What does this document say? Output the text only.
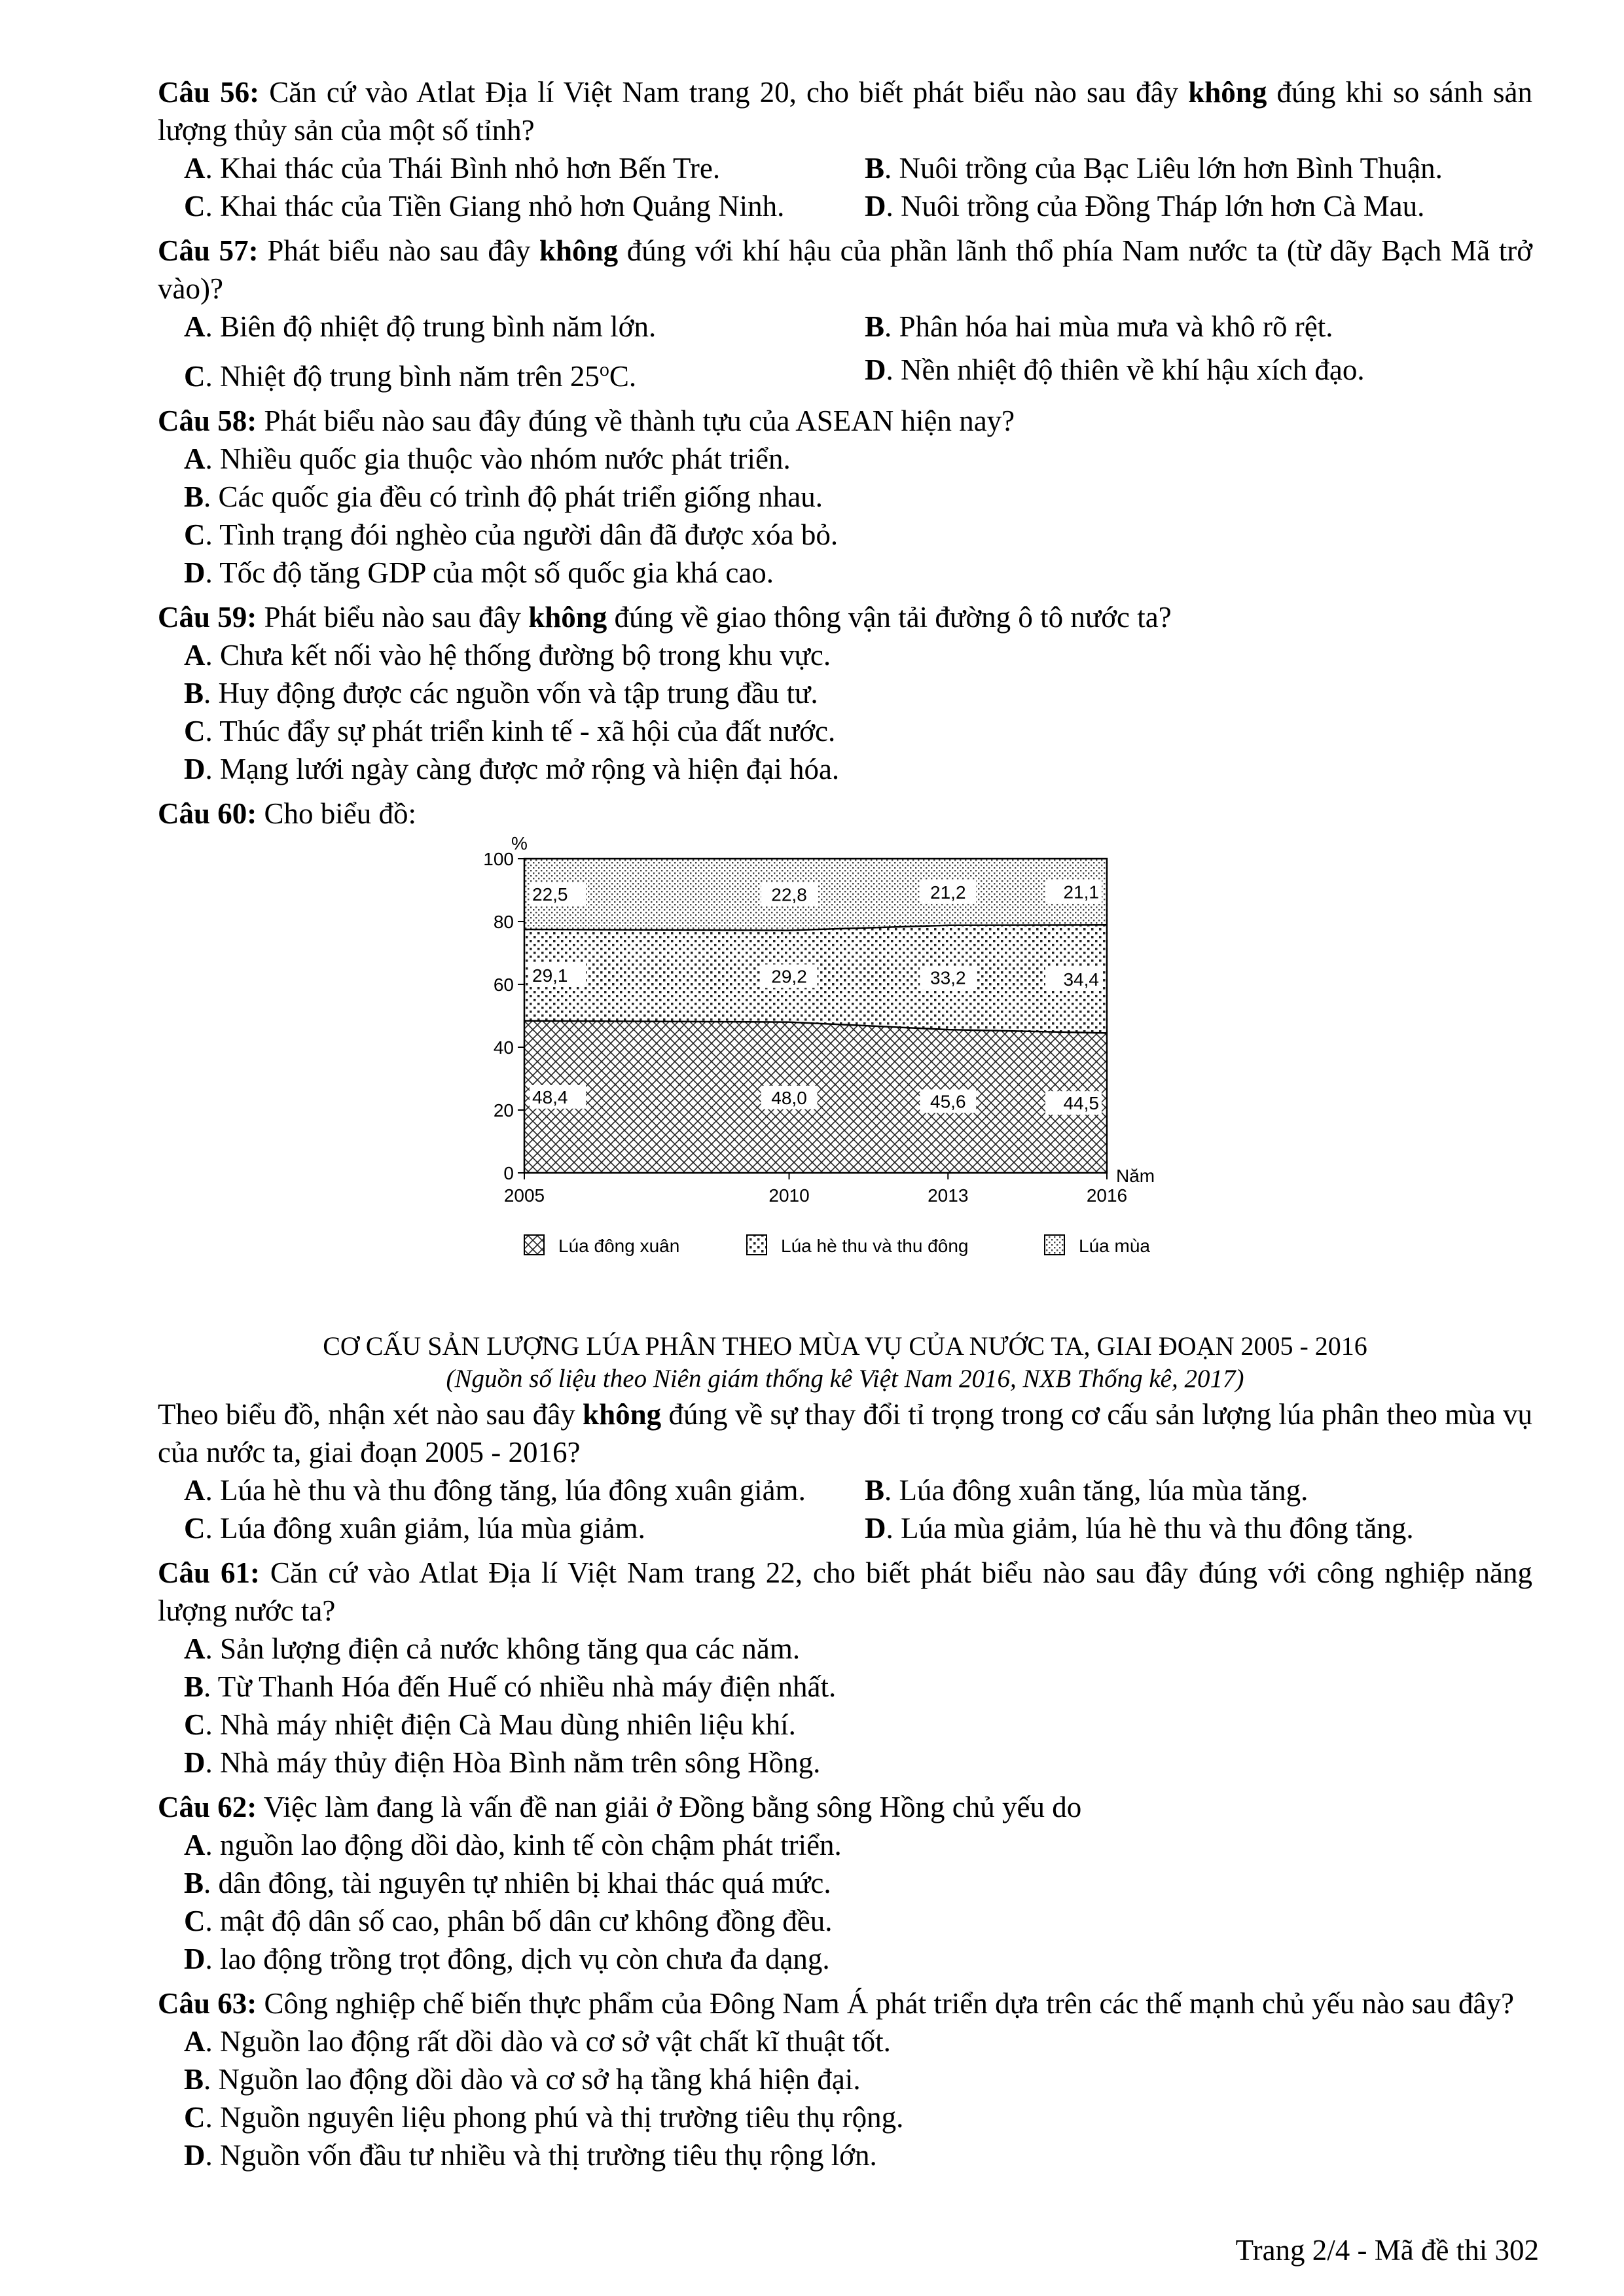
Câu 56: Căn cứ vào Atlat Địa lí Việt Nam trang 20, cho biết phát biểu nào sau đây không đúng khi so sánh sản lượng thủy sản của một số tỉnh?
A. Khai thác của Thái Bình nhỏ hơn Bến Tre.	B. Nuôi trồng của Bạc Liêu lớn hơn Bình Thuận.
C. Khai thác của Tiền Giang nhỏ hơn Quảng Ninh.	D. Nuôi trồng của Đồng Tháp lớn hơn Cà Mau.
Câu 57: Phát biểu nào sau đây không đúng với khí hậu của phần lãnh thổ phía Nam nước ta (từ dãy Bạch Mã trở vào)?
A. Biên độ nhiệt độ trung bình năm lớn.	B. Phân hóa hai mùa mưa và khô rõ rệt.
C. Nhiệt độ trung bình năm trên 25$^o$C.	D. Nền nhiệt độ thiên về khí hậu xích đạo.
Câu 58: Phát biểu nào sau đây đúng về thành tựu của ASEAN hiện nay?
A. Nhiều quốc gia thuộc vào nhóm nước phát triển.
B. Các quốc gia đều có trình độ phát triển giống nhau.
C. Tình trạng đói nghèo của người dân đã được xóa bỏ.
D. Tốc độ tăng GDP của một số quốc gia khá cao.
Câu 59: Phát biểu nào sau đây không đúng về giao thông vận tải đường ô tô nước ta?
A. Chưa kết nối vào hệ thống đường bộ trong khu vực.
B. Huy động được các nguồn vốn và tập trung đầu tư.
C. Thúc đẩy sự phát triển kinh tế - xã hội của đất nước.
D. Mạng lưới ngày càng được mở rộng và hiện đại hóa.
Câu 60: Cho biểu đồ:
48,4	48,0	45,6	44,5
29,1	29,2	33,2	34,4
22,5	22,8	21,2	21,1
0
20
40
60
80
100
2005	2010	2013	2016
%
Năm
Lúa đông xuân	Lúa hè thu và thu đông	Lúa mùa
CƠ CẤU SẢN LƯỢNG LÚA PHÂN THEO MÙA VỤ CỦA NƯỚC TA, GIAI ĐOẠN 2005 - 2016
(Nguồn số liệu theo Niên giám thống kê Việt Nam 2016, NXB Thống kê, 2017)
Theo biểu đồ, nhận xét nào sau đây không đúng về sự thay đổi tỉ trọng trong cơ cấu sản lượng lúa phân theo mùa vụ của nước ta, giai đoạn 2005 - 2016?
A. Lúa hè thu và thu đông tăng, lúa đông xuân giảm.	B. Lúa đông xuân tăng, lúa mùa tăng.
C. Lúa đông xuân giảm, lúa mùa giảm.	D. Lúa mùa giảm, lúa hè thu và thu đông tăng.
Câu 61: Căn cứ vào Atlat Địa lí Việt Nam trang 22, cho biết phát biểu nào sau đây đúng với công nghiệp năng lượng nước ta?
A. Sản lượng điện cả nước không tăng qua các năm.
B. Từ Thanh Hóa đến Huế có nhiều nhà máy điện nhất.
C. Nhà máy nhiệt điện Cà Mau dùng nhiên liệu khí.
D. Nhà máy thủy điện Hòa Bình nằm trên sông Hồng.
Câu 62: Việc làm đang là vấn đề nan giải ở Đồng bằng sông Hồng chủ yếu do
A. nguồn lao động dồi dào, kinh tế còn chậm phát triển.
B. dân đông, tài nguyên tự nhiên bị khai thác quá mức.
C. mật độ dân số cao, phân bố dân cư không đồng đều.
D. lao động trồng trọt đông, dịch vụ còn chưa đa dạng.
Câu 63: Công nghiệp chế biến thực phẩm của Đông Nam Á phát triển dựa trên các thế mạnh chủ yếu nào sau đây?
A. Nguồn lao động rất dồi dào và cơ sở vật chất kĩ thuật tốt.
B. Nguồn lao động dồi dào và cơ sở hạ tầng khá hiện đại.
C. Nguồn nguyên liệu phong phú và thị trường tiêu thụ rộng.
D. Nguồn vốn đầu tư nhiều và thị trường tiêu thụ rộng lớn.
Trang 2/4 - Mã đề thi 302
